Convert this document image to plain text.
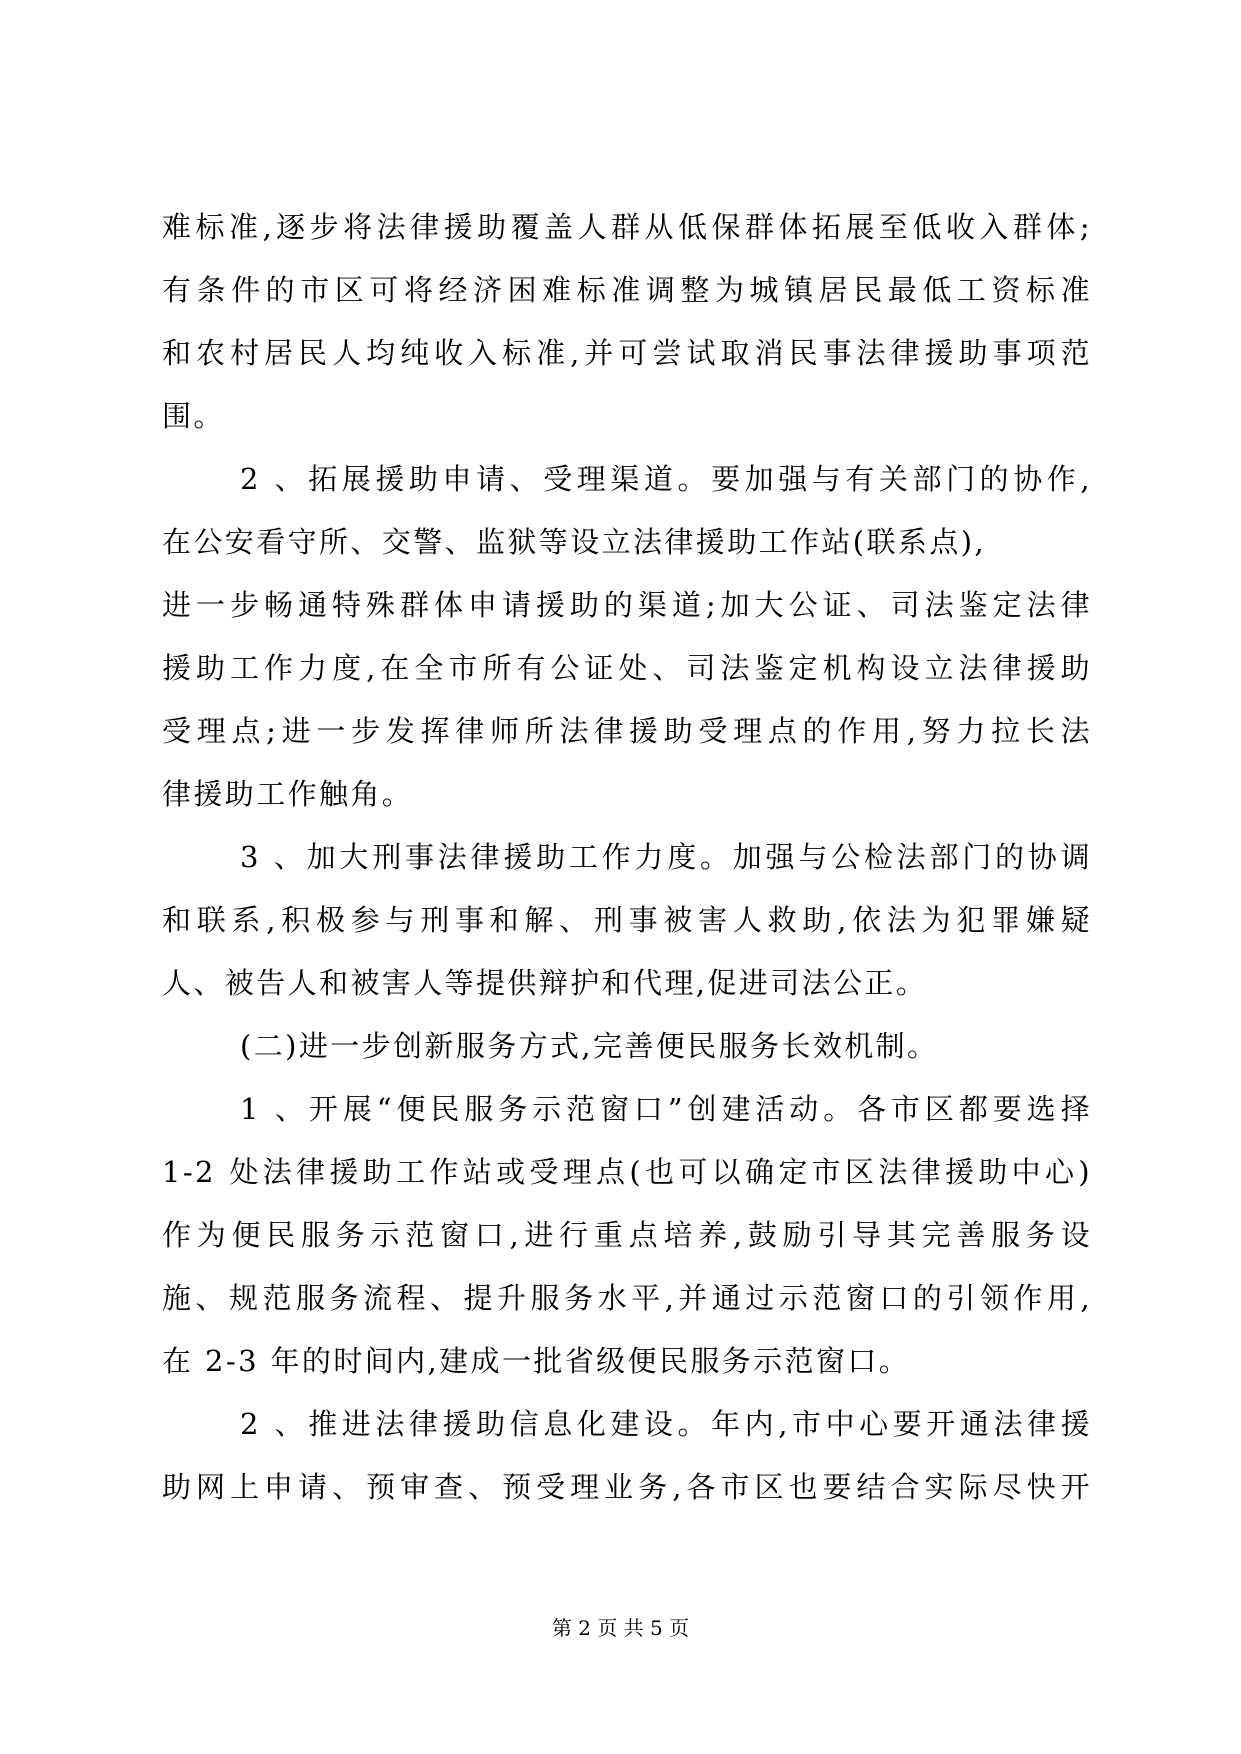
难标准,逐步将法律援助覆盖人群从低保群体拓展至低收入群体;
有条件的市区可将经济困难标准调整为城镇居民最低工资标准
和农村居民人均纯收入标准,并可尝试取消民事法律援助事项范
围。
2 、拓展援助申请、受理渠道。要加强与有关部门的协作,
在公安看守所、交警、监狱等设立法律援助工作站(联系点),
进一步畅通特殊群体申请援助的渠道;加大公证、司法鉴定法律
援助工作力度,在全市所有公证处、司法鉴定机构设立法律援助
受理点;进一步发挥律师所法律援助受理点的作用,努力拉长法
律援助工作触角。
3 、加大刑事法律援助工作力度。加强与公检法部门的协调
和联系,积极参与刑事和解、刑事被害人救助,依法为犯罪嫌疑
人、被告人和被害人等提供辩护和代理,促进司法公正。
(二)进一步创新服务方式,完善便民服务长效机制。
1 、开展“便民服务示范窗口”创建活动。各市区都要选择
1-2 处法律援助工作站或受理点(也可以确定市区法律援助中心)
作为便民服务示范窗口,进行重点培养,鼓励引导其完善服务设
施、规范服务流程、提升服务水平,并通过示范窗口的引领作用,
在 2-3 年的时间内,建成一批省级便民服务示范窗口。
2 、推进法律援助信息化建设。年内,市中心要开通法律援
助网上申请、预审查、预受理业务,各市区也要结合实际尽快开
第 2 页 共 5 页
